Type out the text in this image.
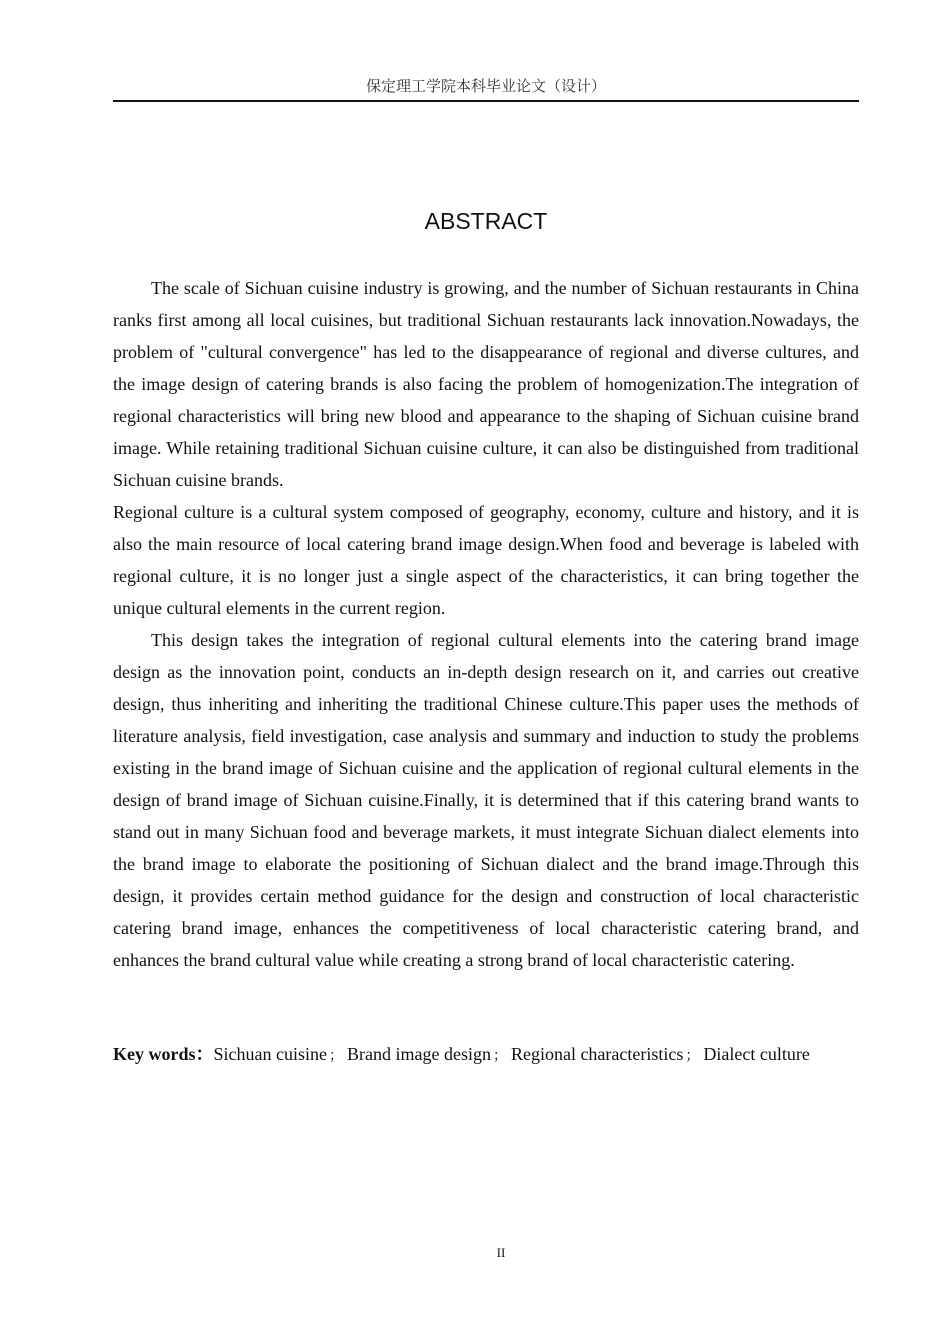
保定理工学院本科毕业论文（设计）
ABSTRACT

The scale of Sichuan cuisine industry is growing, and the number of Sichuan restaurants in China ranks first among all local cuisines, but traditional Sichuan restaurants lack innovation.Nowadays, the problem of "cultural convergence" has led to the disappearance of regional and diverse cultures, and the image design of catering brands is also facing the problem of homogenization.The integration of regional characteristics will bring new blood and appearance to the shaping of Sichuan cuisine brand image. While retaining traditional Sichuan cuisine culture, it can also be distinguished from traditional Sichuan cuisine brands.

Regional culture is a cultural system composed of geography, economy, culture and history, and it is also the main resource of local catering brand image design.When food and beverage is labeled with regional culture, it is no longer just a single aspect of the characteristics, it can bring together the unique cultural elements in the current region.

This design takes the integration of regional cultural elements into the catering brand image design as the innovation point, conducts an in-depth design research on it, and carries out creative design, thus inheriting and inheriting the traditional Chinese culture.This paper uses the methods of literature analysis, field investigation, case analysis and summary and induction to study the problems existing in the brand image of Sichuan cuisine and the application of regional cultural elements in the design of brand image of Sichuan cuisine.Finally, it is determined that if this catering brand wants to stand out in many Sichuan food and beverage markets, it must integrate Sichuan dialect elements into the brand image to elaborate the positioning of Sichuan dialect and the brand image.Through this design, it provides certain method guidance for the design and construction of local characteristic catering brand image, enhances the competitiveness of local characteristic catering brand, and enhances the brand cultural value while creating a strong brand of local characteristic catering.

Key words：Sichuan cuisine ； Brand image design ； Regional characteristics ； Dialect culture
II
